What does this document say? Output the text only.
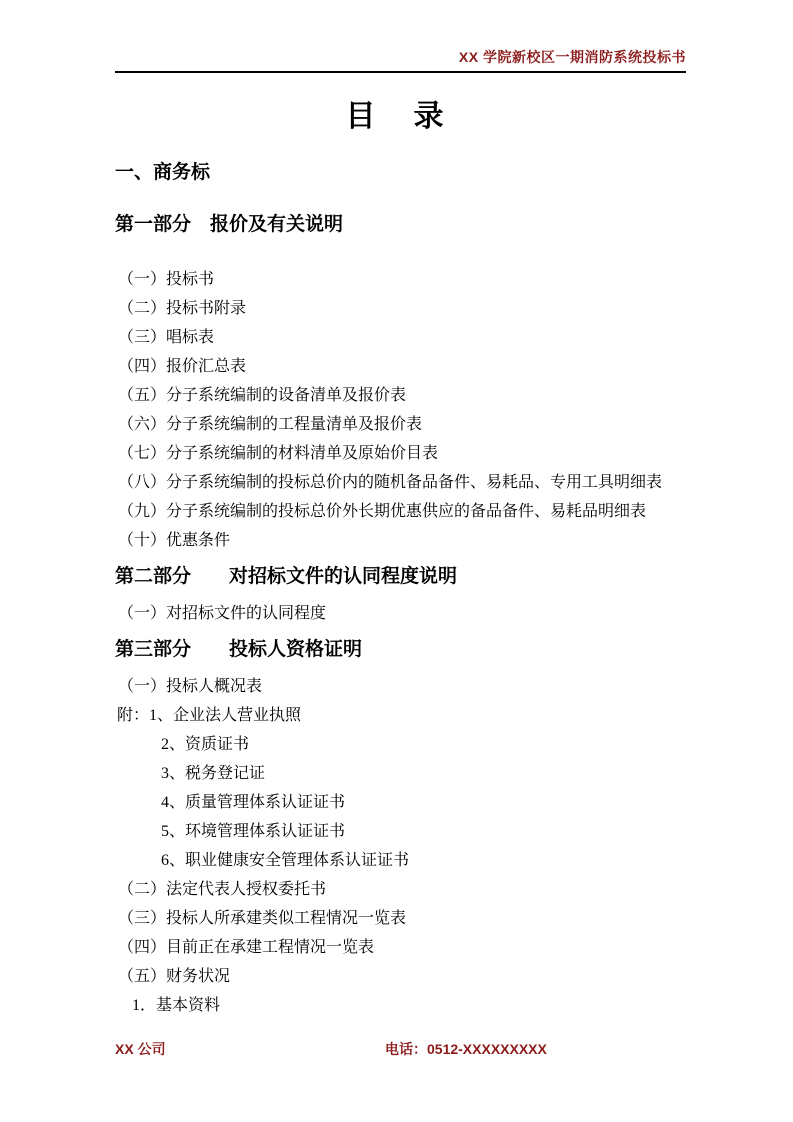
XX 学院新校区一期消防系统投标书
目　录
一、商务标
第一部分　报价及有关说明
（一）投标书
（二）投标书附录
（三）唱标表
（四）报价汇总表
（五）分子系统编制的设备清单及报价表
（六）分子系统编制的工程量清单及报价表
（七）分子系统编制的材料清单及原始价目表
（八）分子系统编制的投标总价内的随机备品备件、易耗品、专用工具明细表
（九）分子系统编制的投标总价外长期优惠供应的备品备件、易耗品明细表
（十）优惠条件
第二部分　　对招标文件的认同程度说明
（一）对招标文件的认同程度
第三部分　　投标人资格证明
（一）投标人概况表
附：1、企业法人营业执照
2、资质证书
3、税务登记证
4、质量管理体系认证证书
5、环境管理体系认证证书
6、职业健康安全管理体系认证证书
（二）法定代表人授权委托书
（三）投标人所承建类似工程情况一览表
（四）目前正在承建工程情况一览表
（五）财务状况
1．基本资料
XX 公司	电话：0512-XXXXXXXXX
